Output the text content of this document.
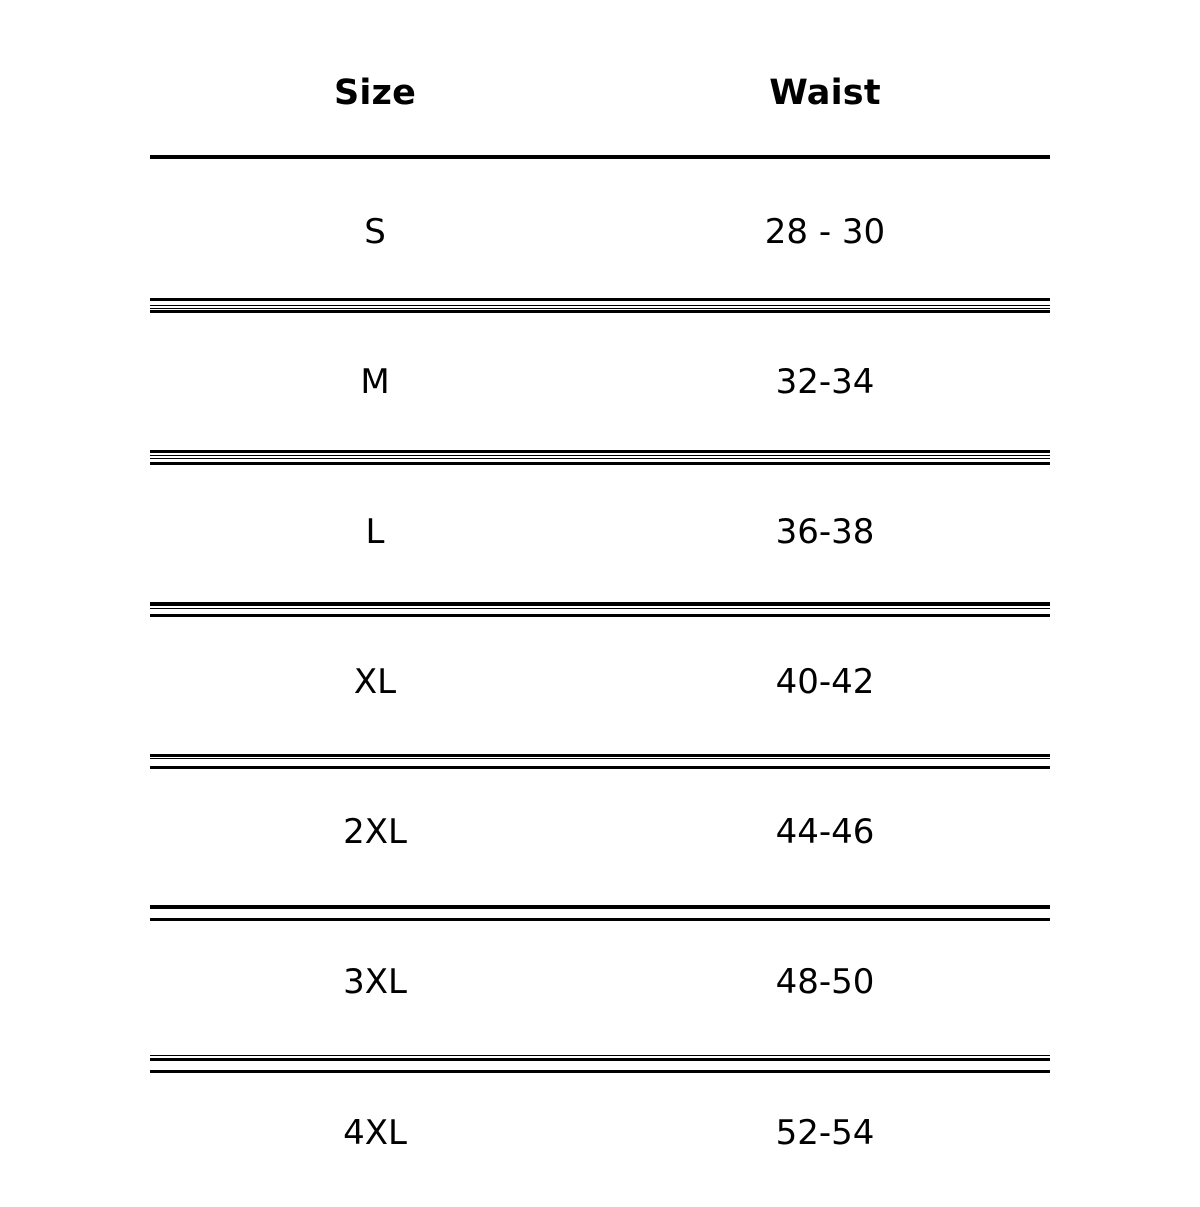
Size	Waist
S	28 - 30
M	32-34
L	36-38
XL	40-42
2XL	44-46
3XL	48-50
4XL	52-54
